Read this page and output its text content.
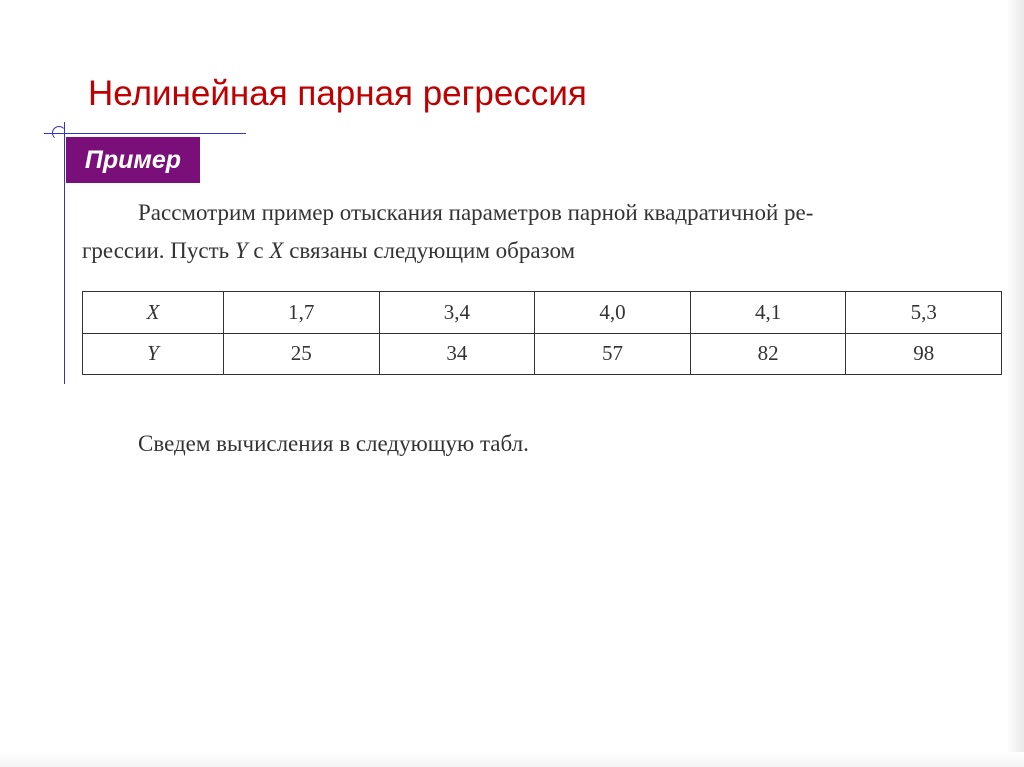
Нелинейная парная регрессия
Пример
Рассмотрим пример отыскания параметров парной квадратичной ре-
грессии. Пусть Y с X связаны следующим образом
X	1,7	3,4	4,0	4,1	5,3
Y	25	34	57	82	98
Сведем вычисления в следующую табл.
